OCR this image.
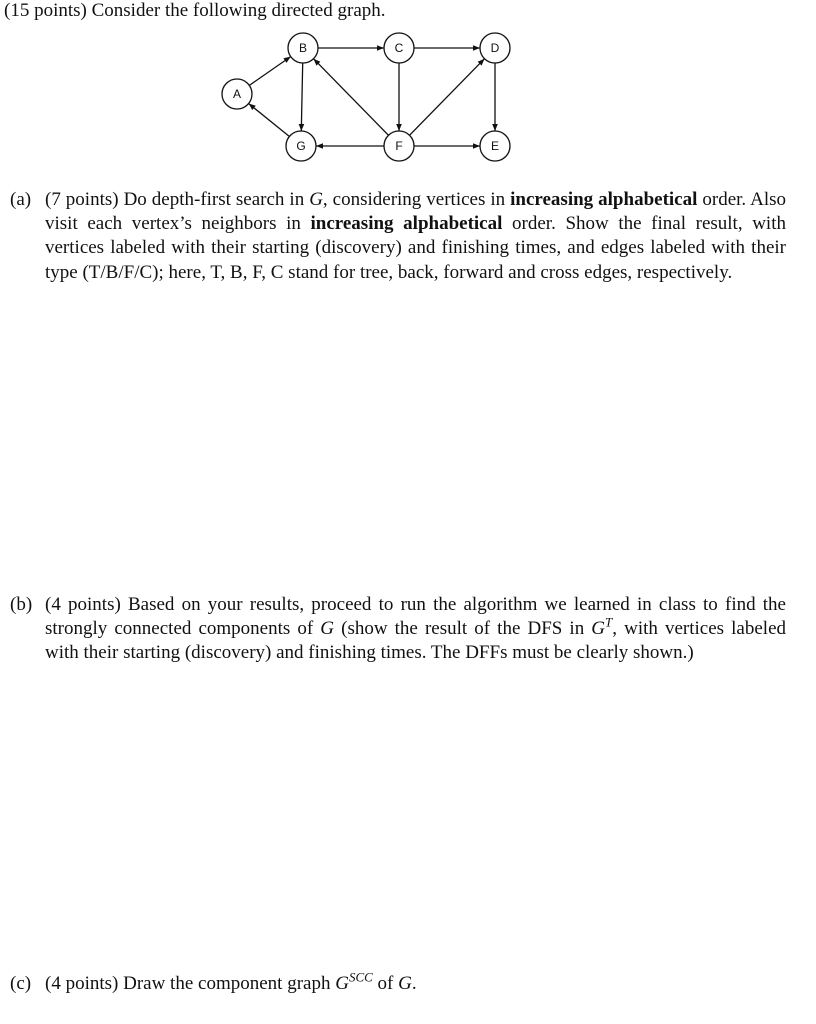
(15 points) Consider the following directed graph.
A
B	C	D
E
F
G
(a) (7 points) Do depth-first search in G, considering vertices in increasing alphabetical order. Also visit each vertex’s neighbors in increasing alphabetical order. Show the final result, with vertices labeled with their starting (discovery) and finishing times, and edges labeled with their type (T/B/F/C); here, T, B, F, C stand for tree, back, forward and cross edges, respectively.
(b) (4 points) Based on your results, proceed to run the algorithm we learned in class to find the strongly connected components of G (show the result of the DFS in $G^T$, with vertices labeled with their starting (discovery) and finishing times. The DFFs must be clearly shown.)
(c) (4 points) Draw the component graph $G^{SCC}$ of G.
